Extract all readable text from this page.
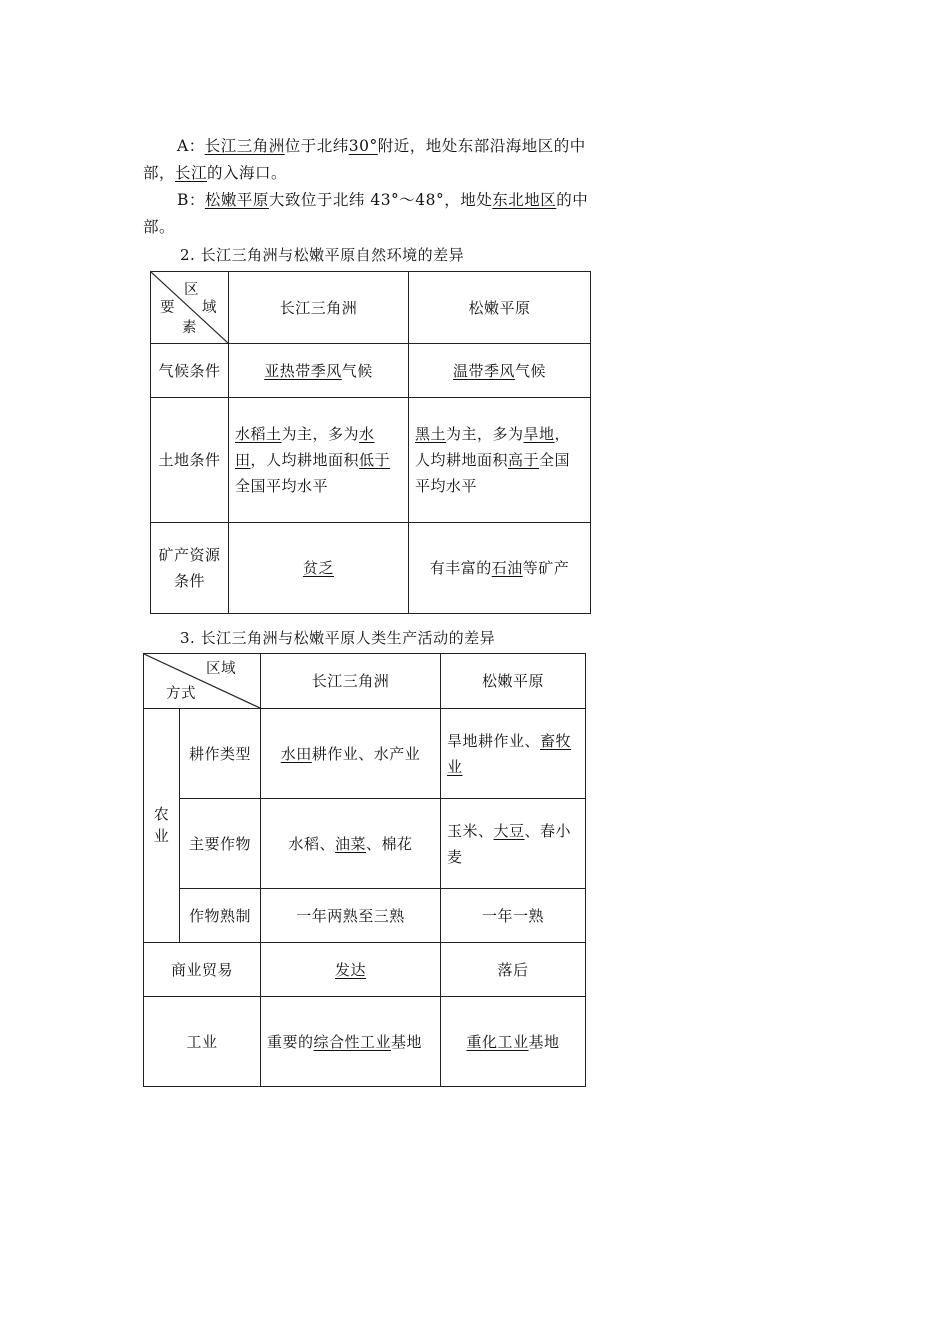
A：长江三角洲位于北纬30°附近，地处东部沿海地区的中部，长江的入海口。
B：松嫩平原大致位于北纬 43°～48°，地处东北地区的中部。
2. 长江三角洲与松嫩平原自然环境的差异
区
域
要
素	长江三角洲	松嫩平原
气候条件	亚热带季风气候	温带季风气候
土地条件	水稻土为主，多为水田，人均耕地面积低于全国平均水平	黑土为主，多为旱地，人均耕地面积高于全国平均水平
矿产资源
条件	贫乏	有丰富的石油等矿产
3. 长江三角洲与松嫩平原人类生产活动的差异
区域
方式		长江三角洲	松嫩平原
农业	耕作类型	水田耕作业、水产业	旱地耕作业、畜牧业
	主要作物	水稻、油菜、棉花	玉米、大豆、春小麦
	作物熟制	一年两熟至三熟	一年一熟
商业贸易		发达	落后
工业		重要的综合性工业基地	重化工业基地
